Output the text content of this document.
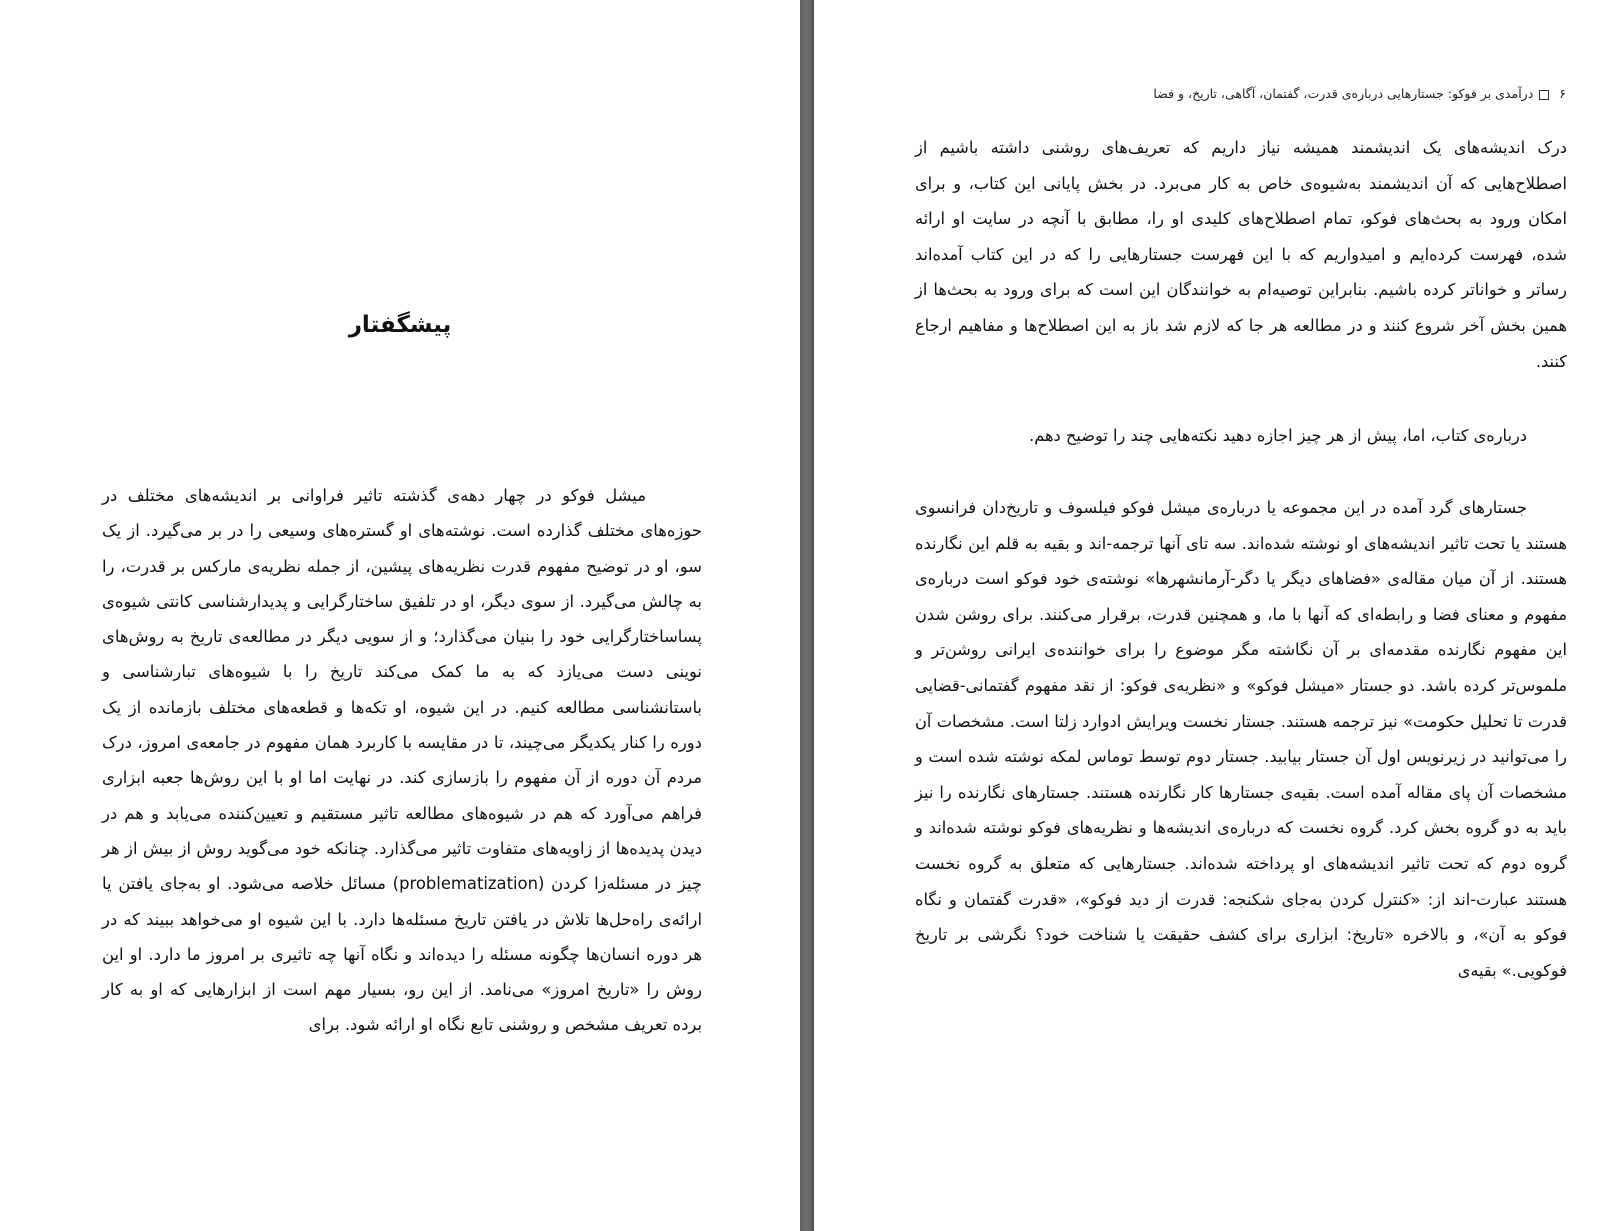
پیشگفتار

میشل فوکو در چهار دهه‌ی گذشته تاثیر فراوانی بر اندیشه‌های مختلف در حوزه‌های مختلف گذارده است. نوشته‌های او گستره‌های وسیعی را در بر می‌گیرد. از یک سو، او در توضیح مفهوم قدرت نظریه‌های پیشین، از جمله نظریه‌ی مارکس بر قدرت، را به چالش می‌گیرد. از سوی دیگر، او در تلفیق ساختارگرایی و پدیدارشناسی کانتی شیوه‌ی پساساختارگرایی خود را بنیان می‌گذارد؛ و از سویی دیگر در مطالعه‌ی تاریخ به روش‌های نوینی دست می‌یازد که به ما کمک می‌کند تاریخ را با شیوه‌های تبارشناسی و باستانشناسی مطالعه کنیم. در این شیوه، او تکه‌ها و قطعه‌های مختلف بازمانده از یک دوره را کنار یکدیگر می‌چیند، تا در مقایسه با کاربرد همان مفهوم در جامعه‌ی امروز، درک مردم آن دوره از آن مفهوم را بازسازی کند. در نهایت اما او با این روش‌ها جعبه ابزاری فراهم می‌آورد که هم در شیوه‌های مطالعه تاثیر مستقیم و تعیین‌کننده می‌یابد و هم در دیدن پدیده‌ها از زاویه‌های متفاوت تاثیر می‌گذارد. چنانکه خود می‌گوید روش از بیش از هر چیز در مسئله‌زا کردن (problematization) مسائل خلاصه می‌شود. او به‌جای یافتن یا ارائه‌ی راه‌حل‌ها تلاش در یافتن تاریخ مسئله‌ها دارد. با این شیوه او می‌خواهد ببیند که در هر دوره انسان‌ها چگونه مسئله را دیده‌اند و نگاه آنها چه تاثیری بر امروز ما دارد. او این روش را «تاریخ امروز» می‌نامد. از این رو، بسیار مهم است از ابزارهایی که او به کار برده تعریف مشخص و روشنی تابع نگاه او ارائه شود. برای

۶درآمدی بر فوکو: جستارهایی درباره‌ی قدرت، گفتمان، آگاهی، تاریخ، و فضا

درک اندیشه‌های یک اندیشمند همیشه نیاز داریم که تعریف‌های روشنی داشته باشیم از اصطلاح‌هایی که آن اندیشمند به‌شیوه‌ی خاص به کار می‌برد. در بخش پایانی این کتاب، و برای امکان ورود به بحث‌های فوکو، تمام اصطلاح‌های کلیدی او را، مطابق با آنچه در سایت او ارائه شده، فهرست کرده‌ایم و امیدواریم که با این فهرست جستارهایی را که در این کتاب آمده‌اند رساتر و خواناتر کرده باشیم. بنابراین توصیه‌ام به خوانندگان این است که برای ورود به بحث‌ها از همین بخش آخر شروع کنند و در مطالعه هر جا که لازم شد باز به این اصطلاح‌ها و مفاهیم ارجاع کنند.

درباره‌ی کتاب، اما، پیش از هر چیز اجازه دهید نکته‌هایی چند را توضیح دهم.

جستارهای گرد آمده در این مجموعه یا درباره‌ی میشل فوکو فیلسوف و تاریخ‌دان فرانسوی هستند یا تحت تاثیر اندیشه‌های او نوشته شده‌اند. سه تای آنها ترجمه‌-اند و بقیه به قلم این نگارنده هستند. از آن میان مقاله‌ی «فضاهای دیگر یا دگر-آرمانشهرها» نوشته‌ی خود فوکو است درباره‌ی مفهوم و معنای فضا و رابطه‌ای که آنها با ما، و همچنین قدرت، برقرار می‌کنند. برای روشن شدن این مفهوم نگارنده مقدمه‌ای بر آن نگاشته مگر موضوع را برای خواننده‌ی ایرانی روشن‌تر و ملموس‌تر کرده باشد. دو جستار «میشل فوکو» و «نظریه‌ی فوکو: از نقد مفهوم گفتمانی-قضایی قدرت تا تحلیل حکومت» نیز ترجمه هستند. جستار نخست ویرایش ادوارد زلتا است. مشخصات آن را می‌توانید در زیرنویس اول آن جستار بیابید. جستار دوم توسط توماس لمکه نوشته شده است و مشخصات آن پای مقاله آمده است. بقیه‌ی جستارها کار نگارنده هستند. جستارهای نگارنده را نیز باید به دو گروه بخش کرد. گروه نخست که درباره‌ی اندیشه‌ها و نظریه‌های فوکو نوشته شده‌اند و گروه دوم که تحت تاثیر اندیشه‌های او پرداخته شده‌اند. جستارهایی که متعلق به گروه نخست هستند عبارت-اند از: «کنترل کردن به‌جای شکنجه: قدرت از دید فوکو»، «قدرت گفتمان و نگاه فوکو به آن»، و بالاخره «تاریخ: ابزاری برای کشف حقیقت یا شناخت خود؟ نگرشی بر تاریخ فوکویی.» بقیه‌ی
